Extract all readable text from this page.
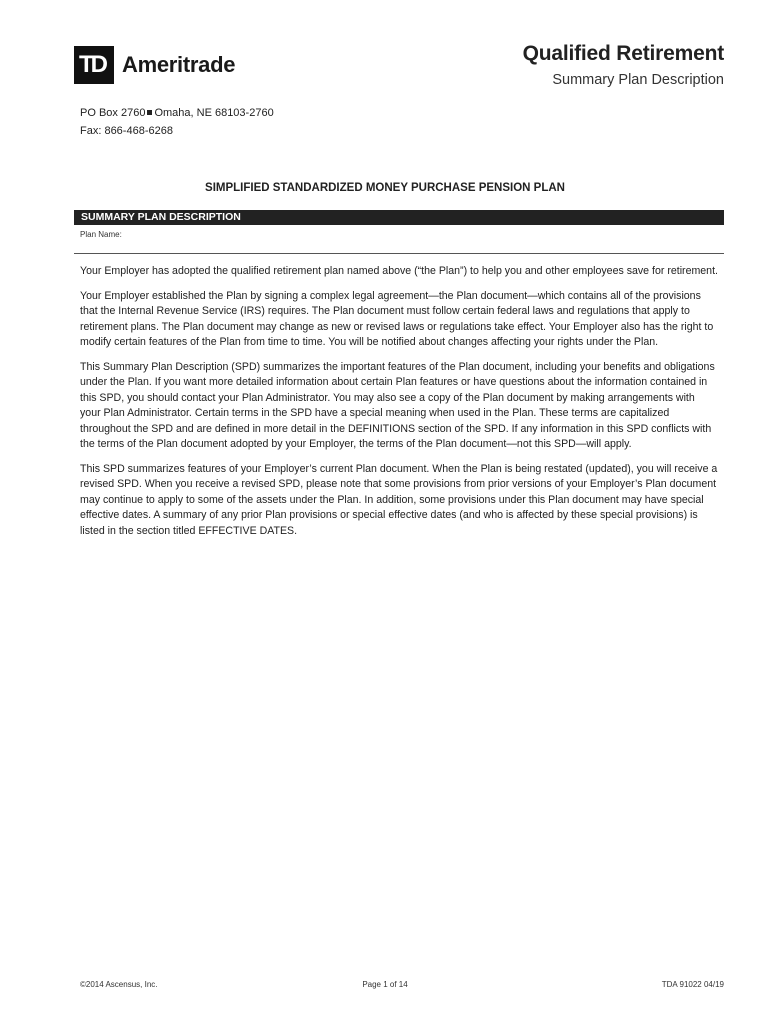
TD Ameritrade	Qualified Retirement
Summary Plan Description
PO Box 2760 Omaha, NE 68103-2760
Fax: 866-468-6268
SIMPLIFIED STANDARDIZED MONEY PURCHASE PENSION PLAN
SUMMARY PLAN DESCRIPTION
Plan Name:

Your Employer has adopted the qualified retirement plan named above (“the Plan”) to help you and other employees save for retirement.

Your Employer established the Plan by signing a complex legal agreement—the Plan document—which contains all of the provisions that the Internal Revenue Service (IRS) requires. The Plan document must follow certain federal laws and regulations that apply to retirement plans. The Plan document may change as new or revised laws or regulations take effect. Your Employer also has the right to modify certain features of the Plan from time to time. You will be notified about changes affecting your rights under the Plan.

This Summary Plan Description (SPD) summarizes the important features of the Plan document, including your benefits and obligations under the Plan. If you want more detailed information about certain Plan features or have questions about the information contained in this SPD, you should contact your Plan Administrator. You may also see a copy of the Plan document by making arrangements with your Plan Administrator. Certain terms in the SPD have a special meaning when used in the Plan. These terms are capitalized throughout the SPD and are defined in more detail in the DEFINITIONS section of the SPD. If any information in this SPD conflicts with the terms of the Plan document adopted by your Employer, the terms of the Plan document—not this SPD—will apply.

This SPD summarizes features of your Employer’s current Plan document. When the Plan is being restated (updated), you will receive a revised SPD. When you receive a revised SPD, please note that some provisions from prior versions of your Employer’s Plan document may continue to apply to some of the assets under the Plan. In addition, some provisions under this Plan document may have special effective dates. A summary of any prior Plan provisions or special effective dates (and who is affected by these special provisions) is listed in the section titled EFFECTIVE DATES.

©2014 Ascensus, Inc.	Page 1 of 14	TDA 91022 04/19
